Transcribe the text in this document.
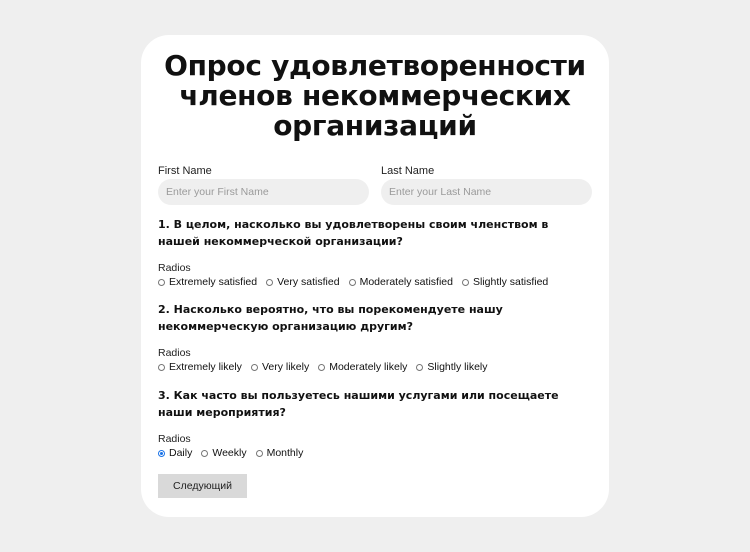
Опрос удовлетворенности членов некоммерческих организаций
First Name
Enter your First Name	Last Name
Enter your Last Name
1. В целом, насколько вы удовлетворены своим членством в нашей некоммерческой организации?
Radios
Extremely satisfied Very satisfied Moderately satisfied Slightly satisfied
2. Насколько вероятно, что вы порекомендуете нашу некоммерческую организацию другим?
Radios
Extremely likely Very likely Moderately likely Slightly likely
3. Как часто вы пользуетесь нашими услугами или посещаете наши мероприятия?
Radios
Daily Weekly Monthly
Следующий
